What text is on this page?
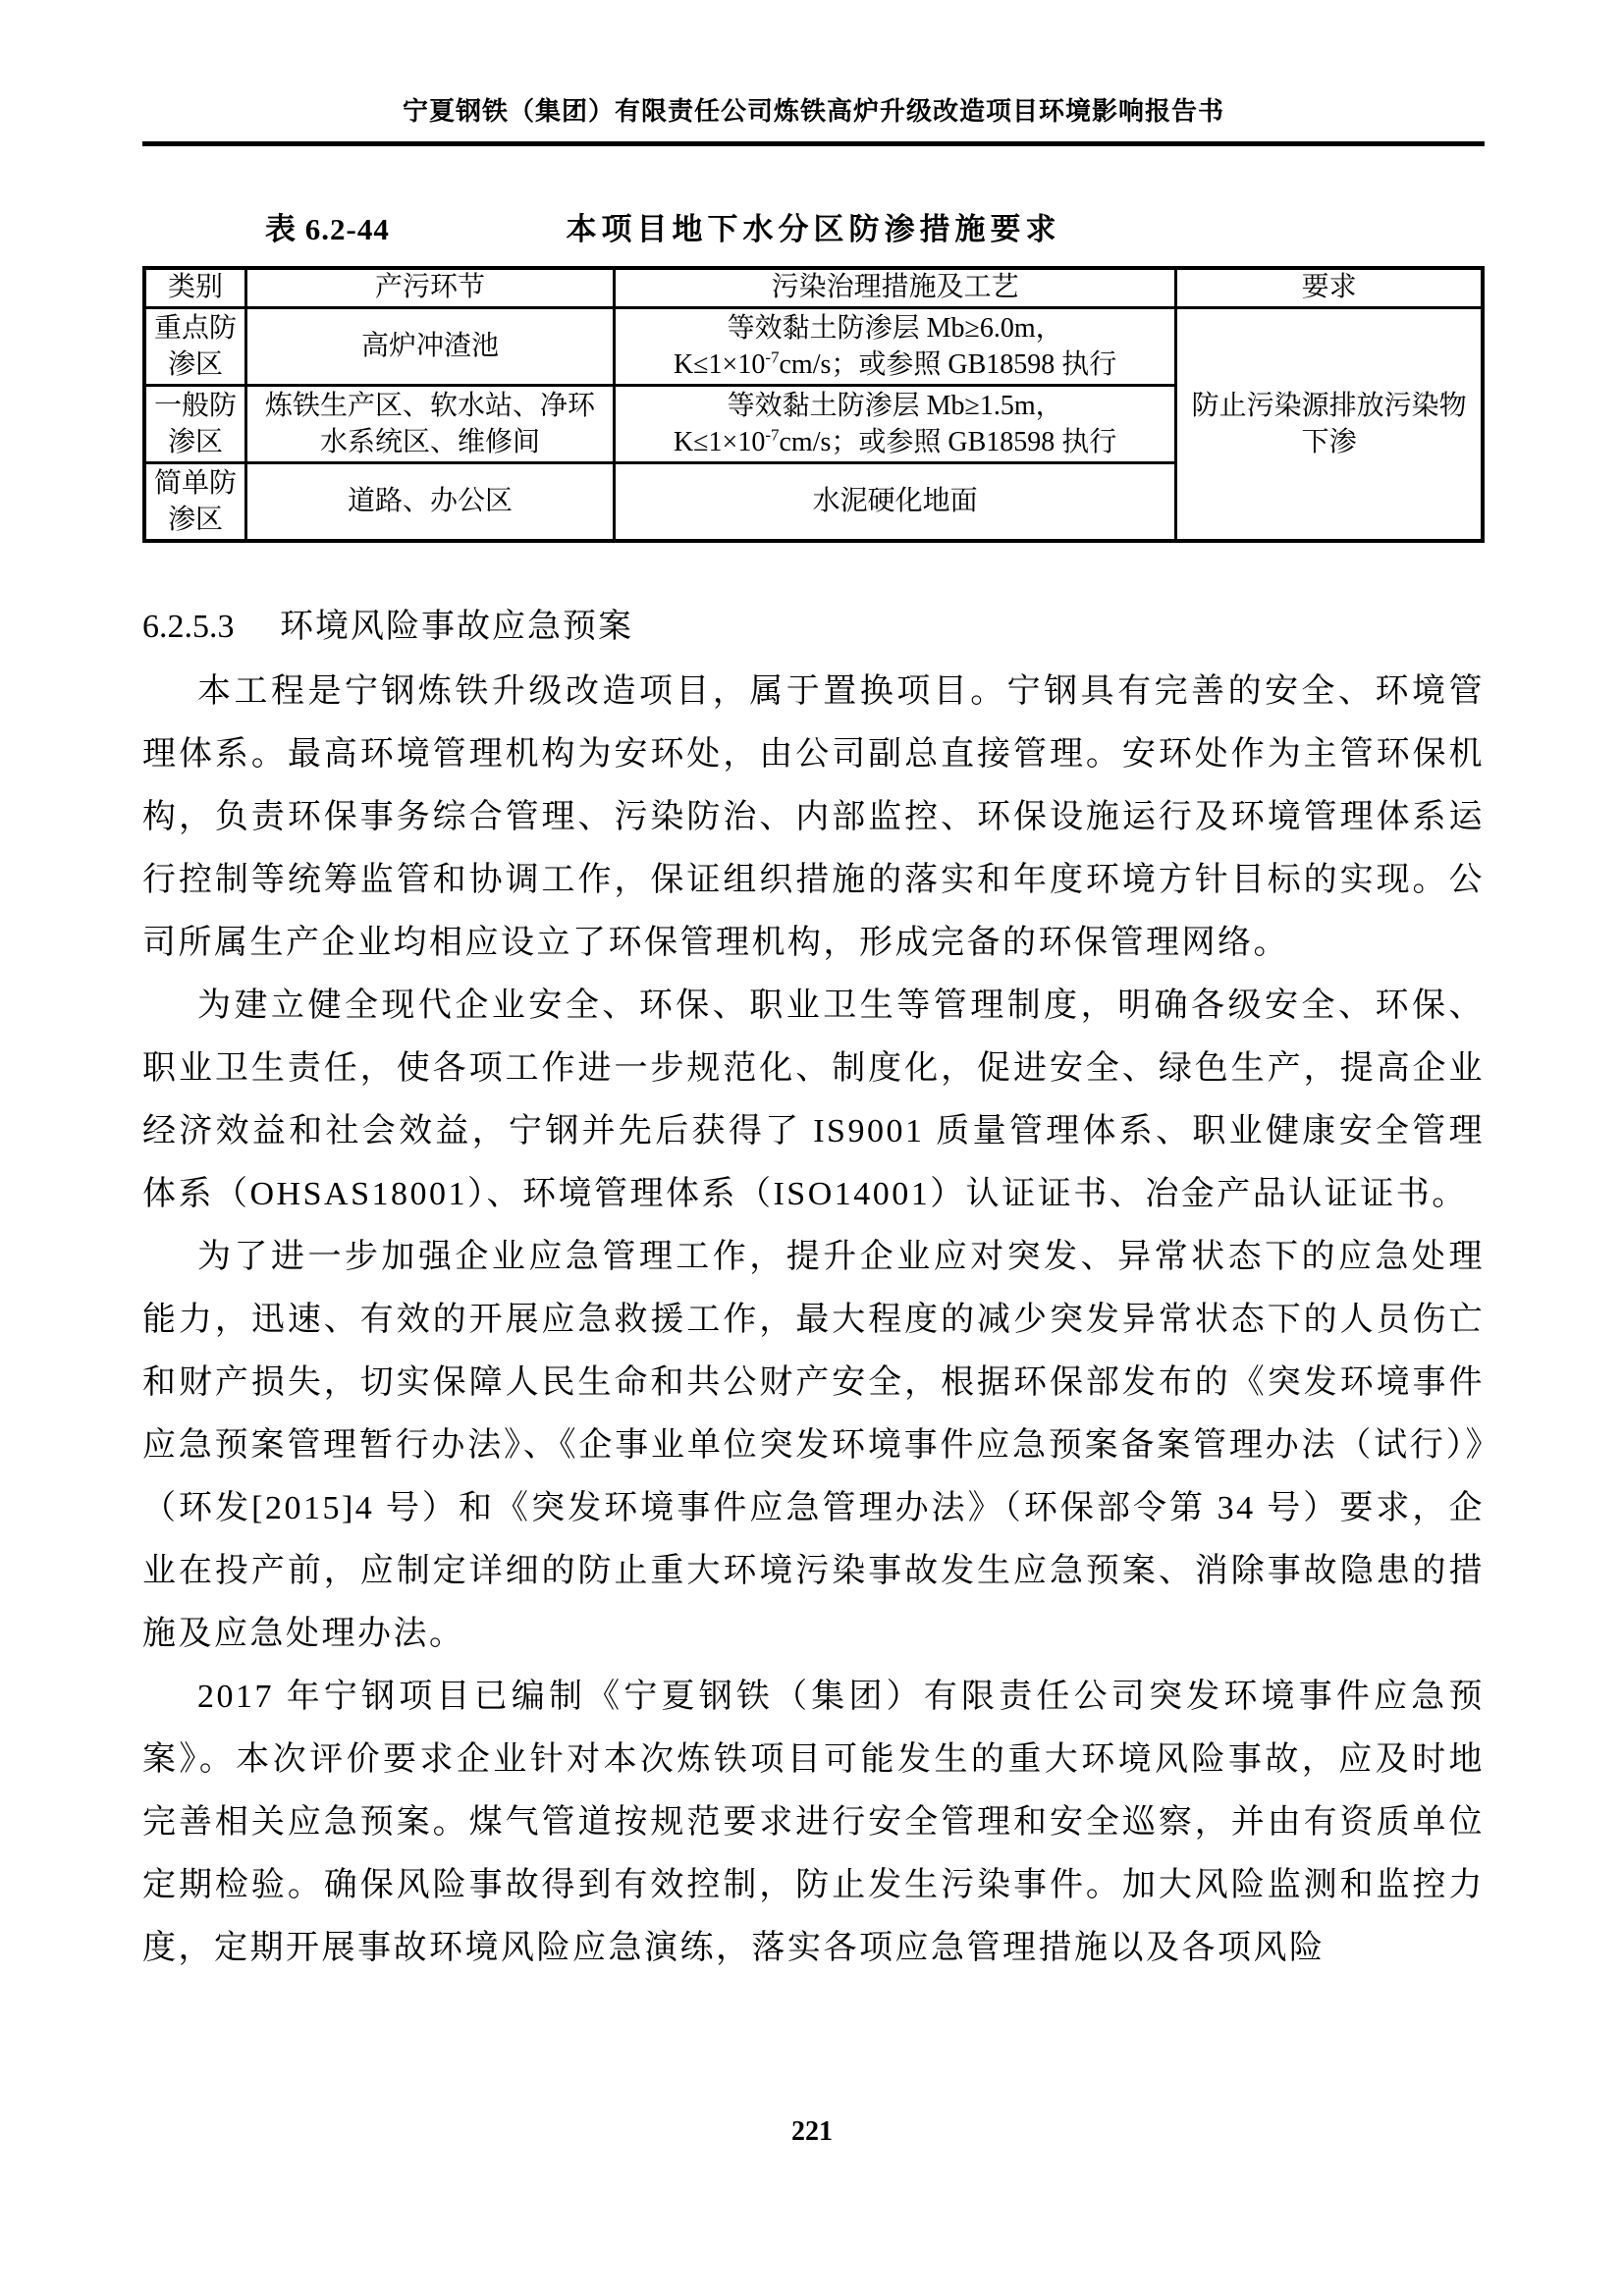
宁夏钢铁（集团）有限责任公司炼铁高炉升级改造项目环境影响报告书
表 6.2-44	本项目地下水分区防渗措施要求
类别	产污环节	污染治理措施及工艺	要求
重点防渗区	高炉冲渣池	等效黏土防渗层 Mb≥6.0m，
$K\le 1\times 10^{-7}cm/s$；或参照 GB18598 执行	防止污染源排放污染物下渗
一般防渗区	炼铁生产区、软水站、净环水系统区、维修间	等效黏土防渗层 Mb≥1.5m，
$K\le 1\times 10^{-7}cm/s$；或参照 GB18598 执行	

简单防渗区	道路、办公区	水泥硬化地面	
6.2.5.3 环境风险事故应急预案

本工程是宁钢炼铁升级改造项目，属于置换项目。宁钢具有完善的安全、环境管理体系。最高环境管理机构为安环处，由公司副总直接管理。安环处作为主管环保机构，负责环保事务综合管理、污染防治、内部监控、环保设施运行及环境管理体系运行控制等统筹监管和协调工作，保证组织措施的落实和年度环境方针目标的实现。公司所属生产企业均相应设立了环保管理机构，形成完备的环保管理网络。

为建立健全现代企业安全、环保、职业卫生等管理制度，明确各级安全、环保、职业卫生责任，使各项工作进一步规范化、制度化，促进安全、绿色生产，提高企业经济效益和社会效益，宁钢并先后获得了 IS9001 质量管理体系、职业健康安全管理体系（OHSAS18001）、环境管理体系（ISO14001）认证证书、冶金产品认证证书。

为了进一步加强企业应急管理工作，提升企业应对突发、异常状态下的应急处理能力，迅速、有效的开展应急救援工作，最大程度的减少突发异常状态下的人员伤亡和财产损失，切实保障人民生命和共公财产安全，根据环保部发布的《突发环境事件应急预案管理暂行办法》、《企事业单位突发环境事件应急预案备案管理办法（试行）》（环发[2015]4 号）和《突发环境事件应急管理办法》（环保部令第 34 号）要求，企业在投产前，应制定详细的防止重大环境污染事故发生应急预案、消除事故隐患的措施及应急处理办法。

2017 年宁钢项目已编制《宁夏钢铁（集团）有限责任公司突发环境事件应急预案》。本次评价要求企业针对本次炼铁项目可能发生的重大环境风险事故，应及时地完善相关应急预案。煤气管道按规范要求进行安全管理和安全巡察，并由有资质单位定期检验。确保风险事故得到有效控制，防止发生污染事件。加大风险监测和监控力度，定期开展事故环境风险应急演练，落实各项应急管理措施以及各项风险

221
